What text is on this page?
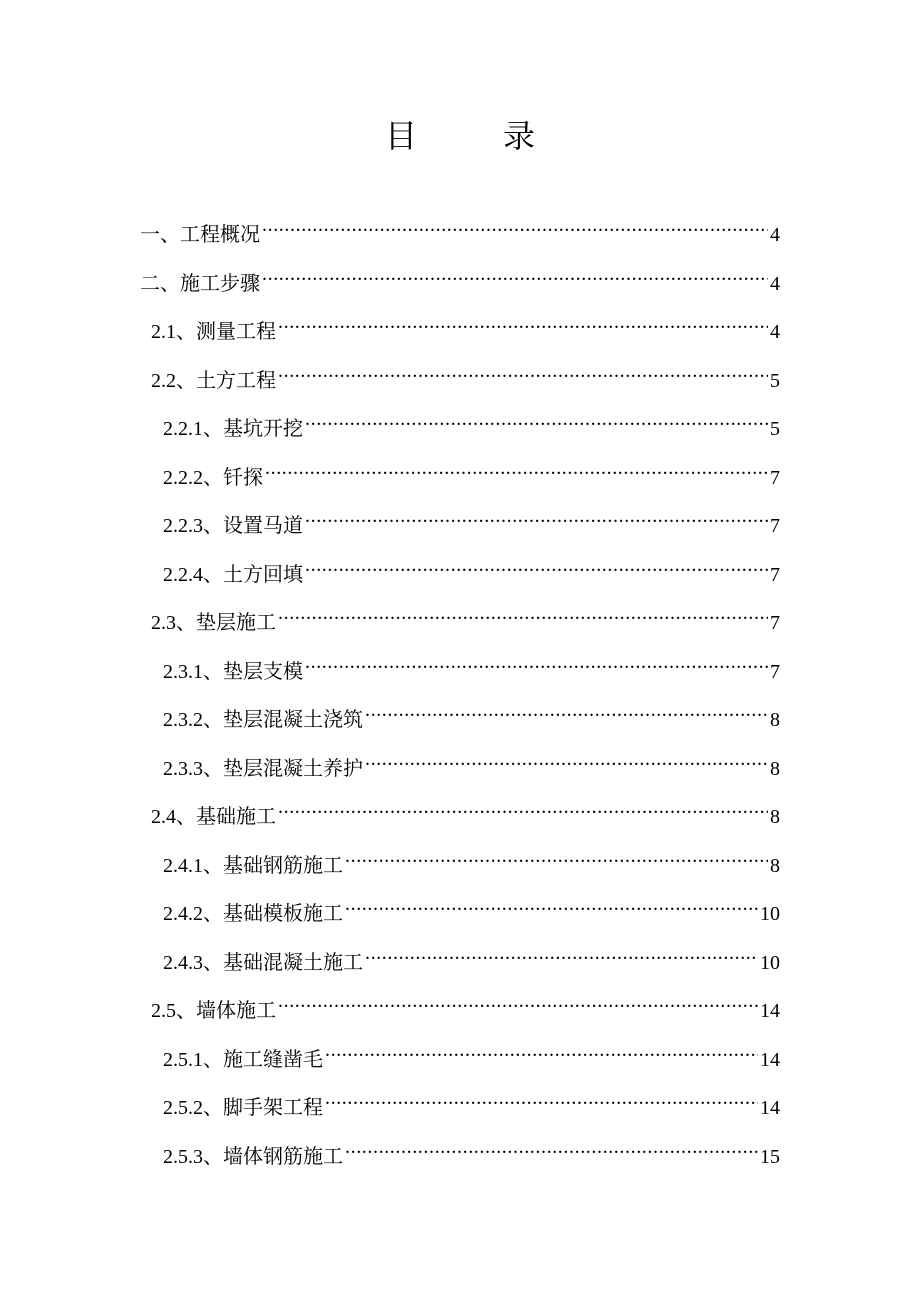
目	录
一、 工程概况 .....	4
二、 施工步骤 .....	4
2.1、 测量工程 .....	4
2.2、 土方工程 .....	5
2.2.1、 基坑开挖 .....	5
2.2.2、 钎探 .....	7
2.2.3、 设置马道 .....	7
2.2.4、 土方回填 .....	7
2.3、 垫层施工 .....	7
2.3.1、 垫层支模 .....	7
2.3.2、 垫层混凝土浇筑 .....	8
2.3.3、 垫层混凝土养护 .....	8
2.4、 基础施工 .....	8
2.4.1、 基础钢筋施工 .....	8
2.4.2、 基础模板施工 .....	10
2.4.3、 基础混凝土施工 .....	10
2.5、 墙体施工 .....	14
2.5.1、 施工缝凿毛 .....	14
2.5.2、 脚手架工程 .....	14
2.5.3、 墙体钢筋施工 .....	15
